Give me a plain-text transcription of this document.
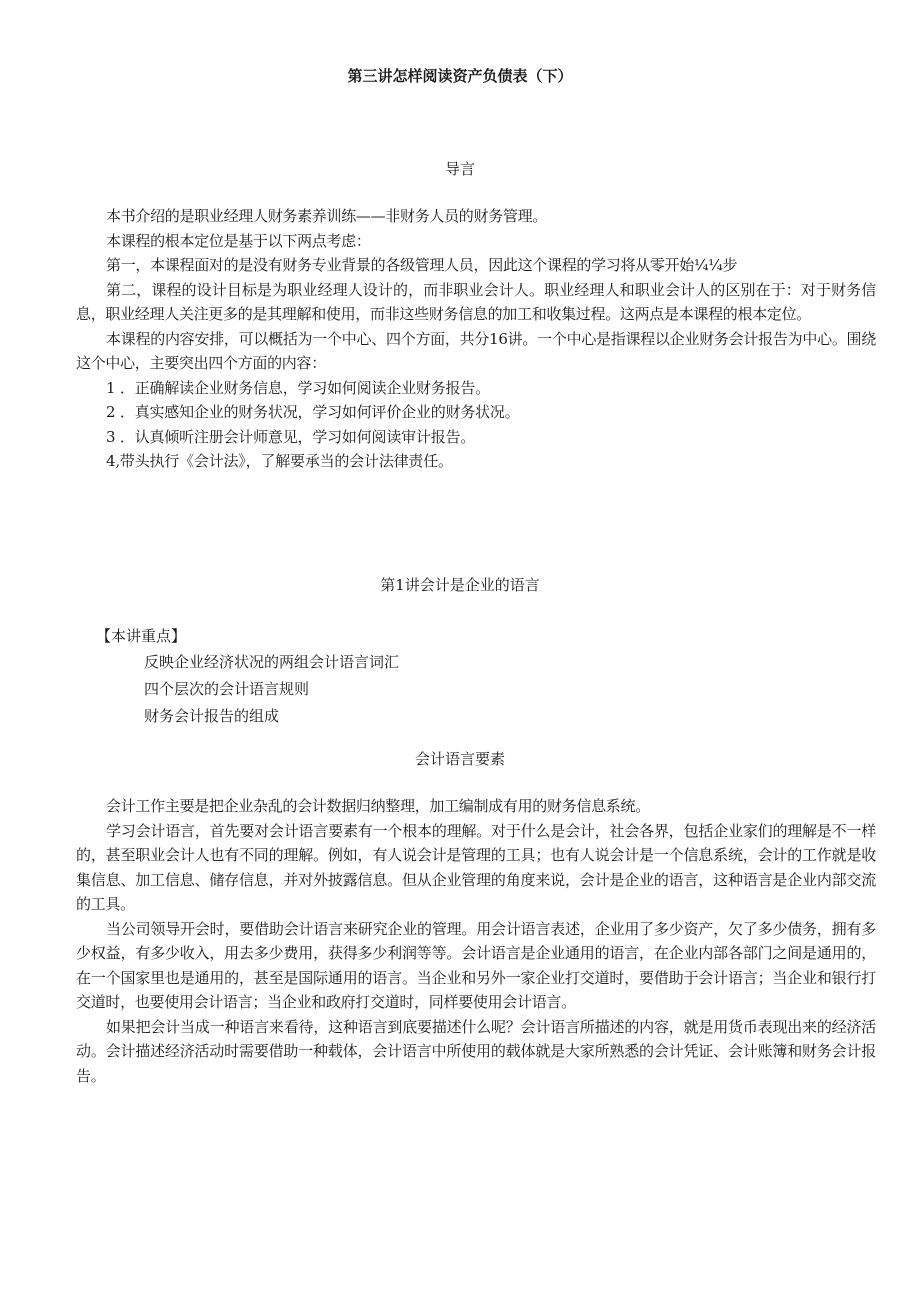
第三讲怎样阅读资产负债表（下）
导言

本书介绍的是职业经理人财务素养训练——非财务人员的财务管理。

本课程的根本定位是基于以下两点考虑：

第一，本课程面对的是没有财务专业背景的各级管理人员，因此这个课程的学习将从零开始¼¼步

第二，课程的设计目标是为职业经理人设计的，而非职业会计人。职业经理人和职业会计人的区别在于：对于财务信息，职业经理人关注更多的是其理解和使用，而非这些财务信息的加工和收集过程。这两点是本课程的根本定位。

本课程的内容安排，可以概括为一个中心、四个方面，共分16讲。一个中心是指课程以企业财务会计报告为中心。围绕这个中心，主要突出四个方面的内容：

1 ．正确解读企业财务信息，学习如何阅读企业财务报告。
2 ．真实感知企业的财务状况，学习如何评价企业的财务状况。
3 ．认真倾听注册会计师意见，学习如何阅读审计报告。
4,带头执行《会计法》，了解要承当的会计法律责任。
第1讲会计是企业的语言
【本讲重点】
反映企业经济状况的两组会计语言词汇
四个层次的会计语言规则
财务会计报告的组成
会计语言要素

会计工作主要是把企业杂乱的会计数据归纳整理，加工编制成有用的财务信息系统。

学习会计语言，首先要对会计语言要素有一个根本的理解。对于什么是会计，社会各界，包括企业家们的理解是不一样的，甚至职业会计人也有不同的理解。例如，有人说会计是管理的工具；也有人说会计是一个信息系统，会计的工作就是收集信息、加工信息、储存信息，并对外披露信息。但从企业管理的角度来说，会计是企业的语言，这种语言是企业内部交流的工具。

当公司领导开会时，要借助会计语言来研究企业的管理。用会计语言表述，企业用了多少资产，欠了多少债务，拥有多少权益，有多少收入，用去多少费用，获得多少利润等等。会计语言是企业通用的语言，在企业内部各部门之间是通用的，在一个国家里也是通用的，甚至是国际通用的语言。当企业和另外一家企业打交道时，要借助于会计语言；当企业和银行打交道时，也要使用会计语言；当企业和政府打交道时，同样要使用会计语言。

如果把会计当成一种语言来看待，这种语言到底要描述什么呢？会计语言所描述的内容，就是用货币表现出来的经济活动。会计描述经济活动时需要借助一种载体，会计语言中所使用的载体就是大家所熟悉的会计凭证、会计账簿和财务会计报告。
